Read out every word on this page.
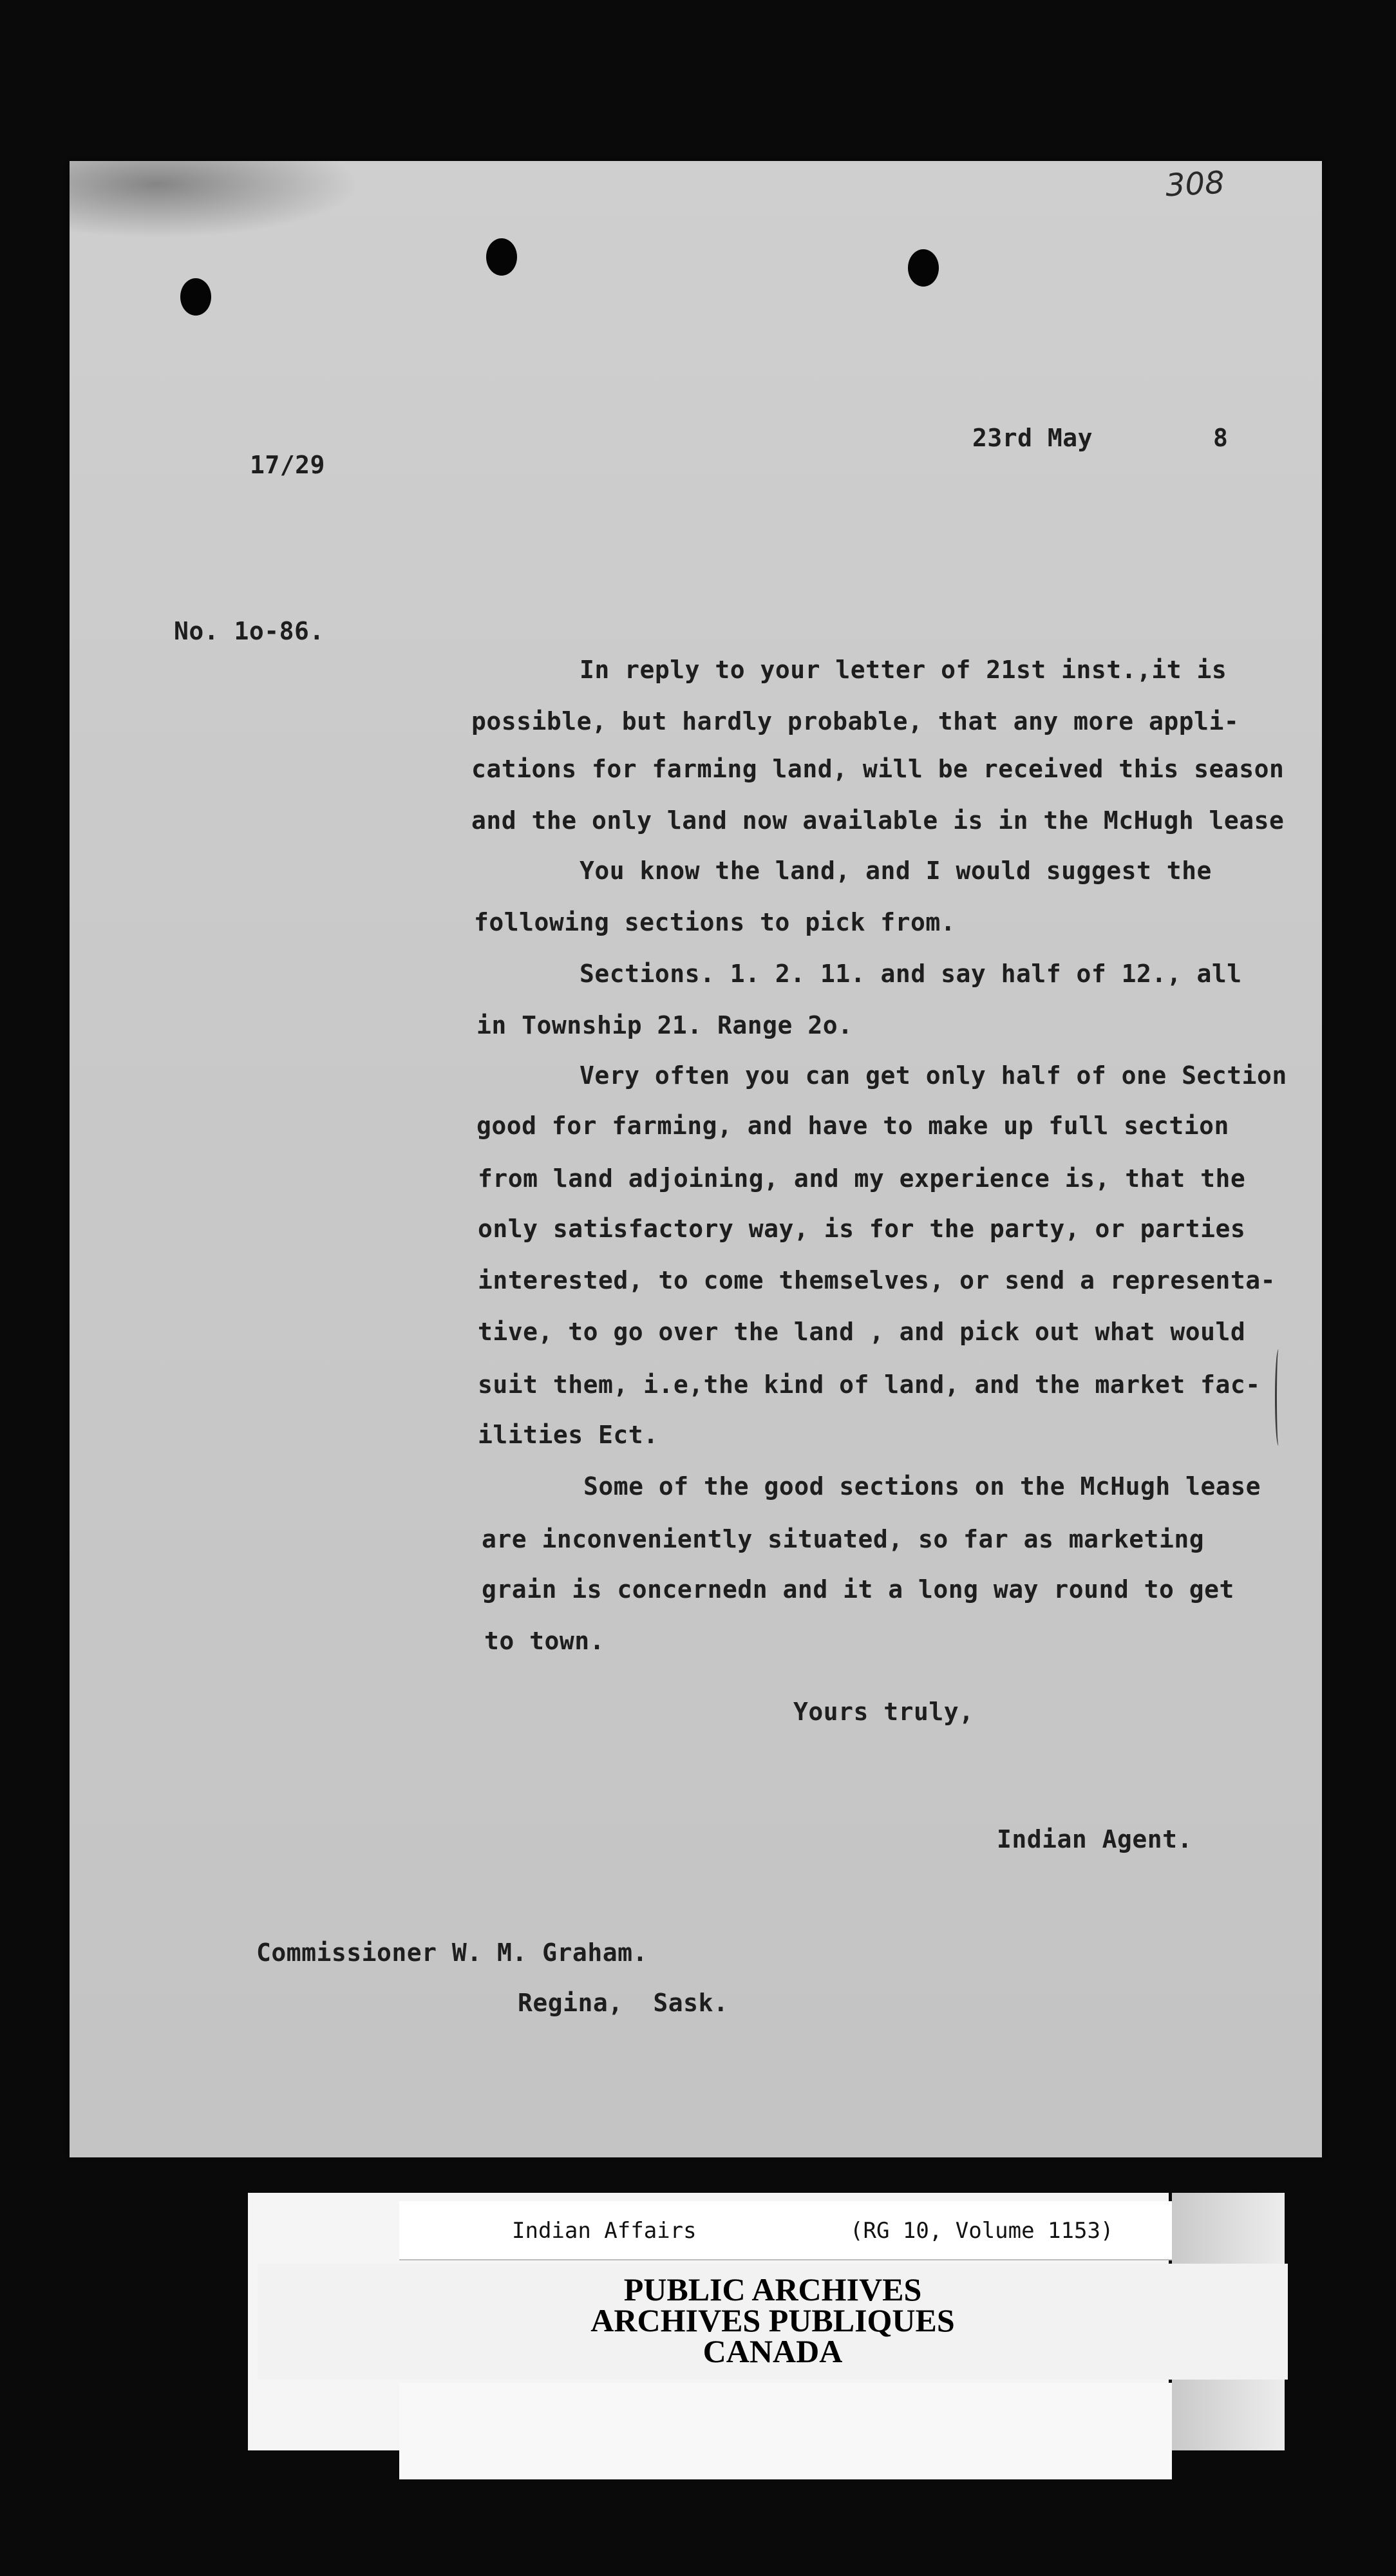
308
17/29
23rd May        8
No. 1o-86.
In reply to your letter of 21st inst.,it is
possible, but hardly probable, that any more appli-
cations for farming land, will be received this season
and the only land now available is in the McHugh lease
You know the land, and I would suggest the
following sections to pick from.
Sections. 1. 2. 11. and say half of 12., all
in Township 21. Range 2o.
Very often you can get only half of one Section
good for farming, and have to make up full section
from land adjoining, and my experience is, that the
only satisfactory way, is for the party, or parties
interested, to come themselves, or send a representa-
tive, to go over the land , and pick out what would
suit them, i.e,the kind of land, and the market fac-
ilities Ect.
Some of the good sections on the McHugh lease
are inconveniently situated, so far as marketing
grain is concernedn and it a long way round to get
to town.
Yours truly,
Indian Agent.
Commissioner W. M. Graham.
Regina,  Sask.
Indian Affairs	(RG 10, Volume 1153)
PUBLIC ARCHIVES
ARCHIVES PUBLIQUES
CANADA
